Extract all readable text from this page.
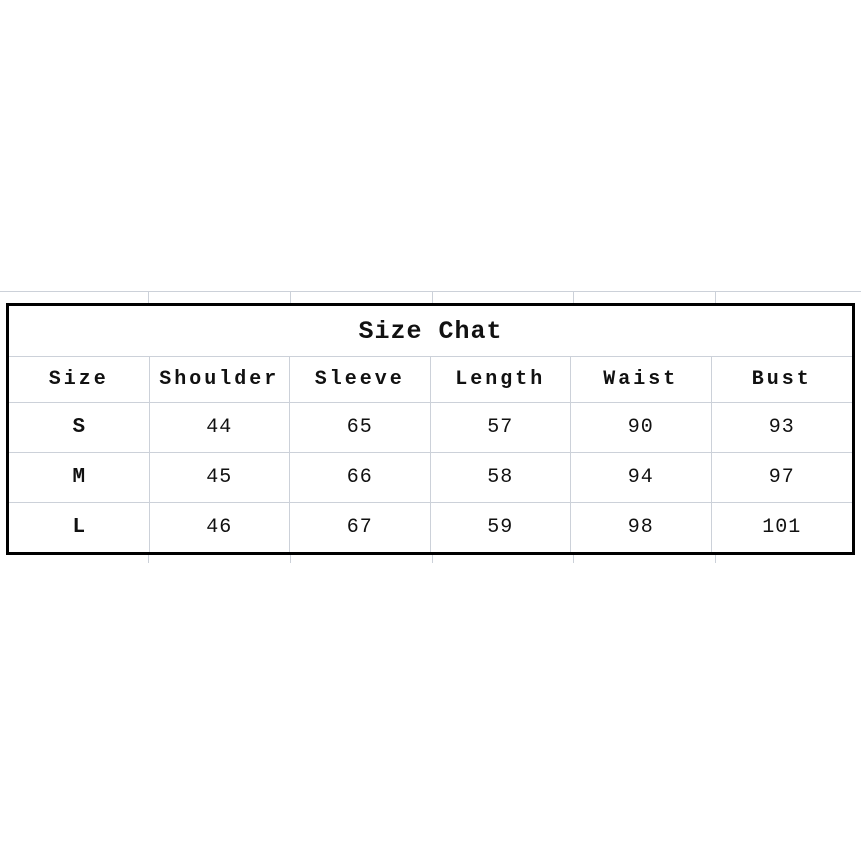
Size Chat
Size	Shoulder	Sleeve	Length	Waist	Bust
S	44	65	57	90	93
M	45	66	58	94	97
L	46	67	59	98	101
